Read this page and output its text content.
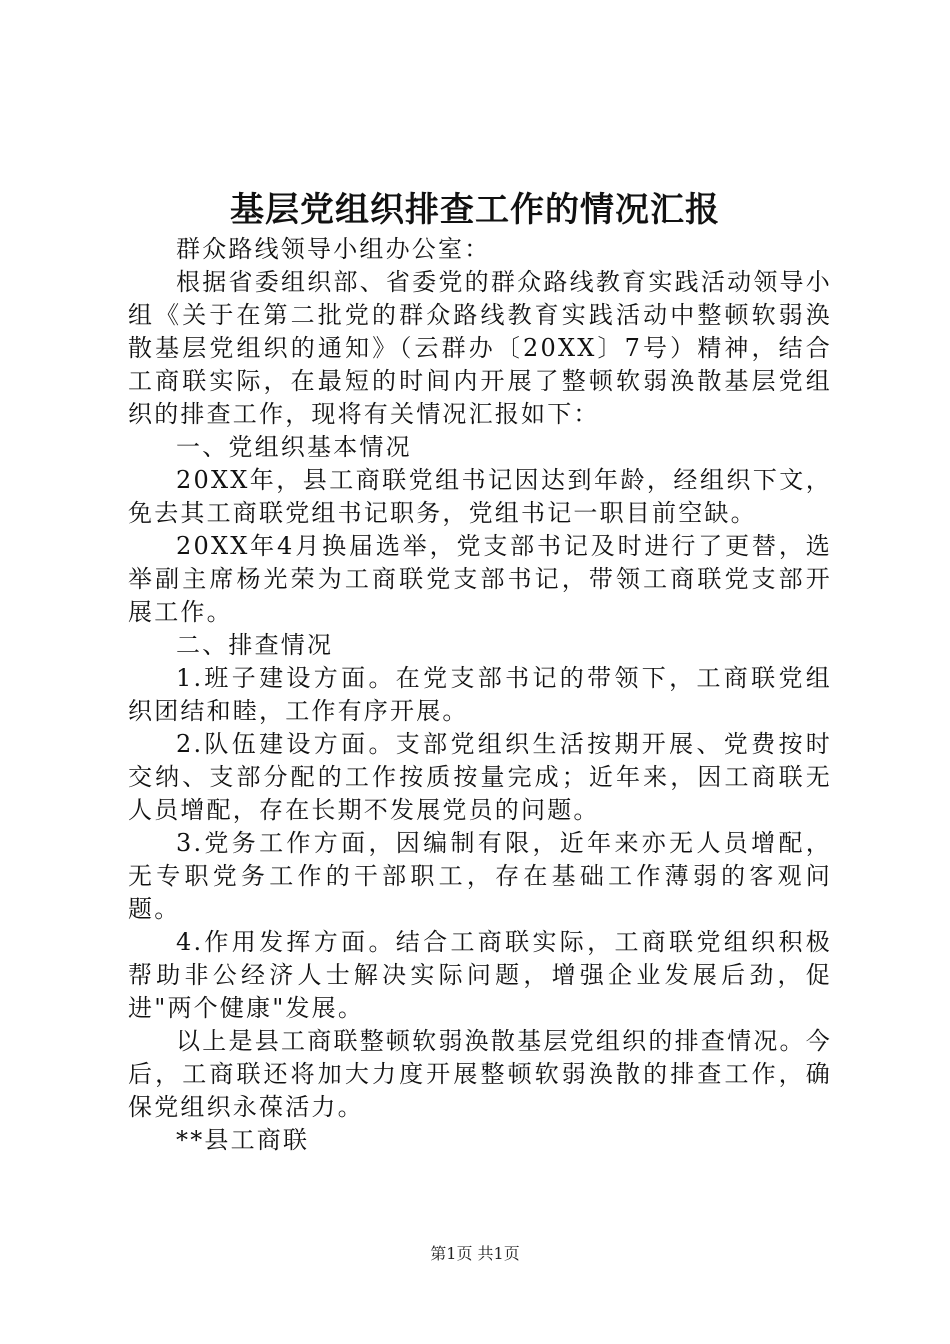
基层党组织排查工作的情况汇报

群众路线领导小组办公室：

根据省委组织部、省委党的群众路线教育实践活动领导小组《关于在第二批党的群众路线教育实践活动中整顿软弱涣散基层党组织的通知》（云群办〔20XX〕7号）精神，结合工商联实际，在最短的时间内开展了整顿软弱涣散基层党组织的排查工作，现将有关情况汇报如下：

一、党组织基本情况

20XX年，县工商联党组书记因达到年龄，经组织下文，免去其工商联党组书记职务，党组书记一职目前空缺。

20XX年4月换届选举，党支部书记及时进行了更替，选举副主席杨光荣为工商联党支部书记，带领工商联党支部开展工作。

二、排查情况

1.班子建设方面。在党支部书记的带领下，工商联党组织团结和睦，工作有序开展。

2.队伍建设方面。支部党组织生活按期开展、党费按时交纳、支部分配的工作按质按量完成；近年来，因工商联无人员增配，存在长期不发展党员的问题。

3.党务工作方面，因编制有限，近年来亦无人员增配，无专职党务工作的干部职工，存在基础工作薄弱的客观问题。

4.作用发挥方面。结合工商联实际，工商联党组织积极帮助非公经济人士解决实际问题，增强企业发展后劲，促进"两个健康"发展。

以上是县工商联整顿软弱涣散基层党组织的排查情况。今后，工商联还将加大力度开展整顿软弱涣散的排查工作，确保党组织永葆活力。

**县工商联

第1页 共1页
